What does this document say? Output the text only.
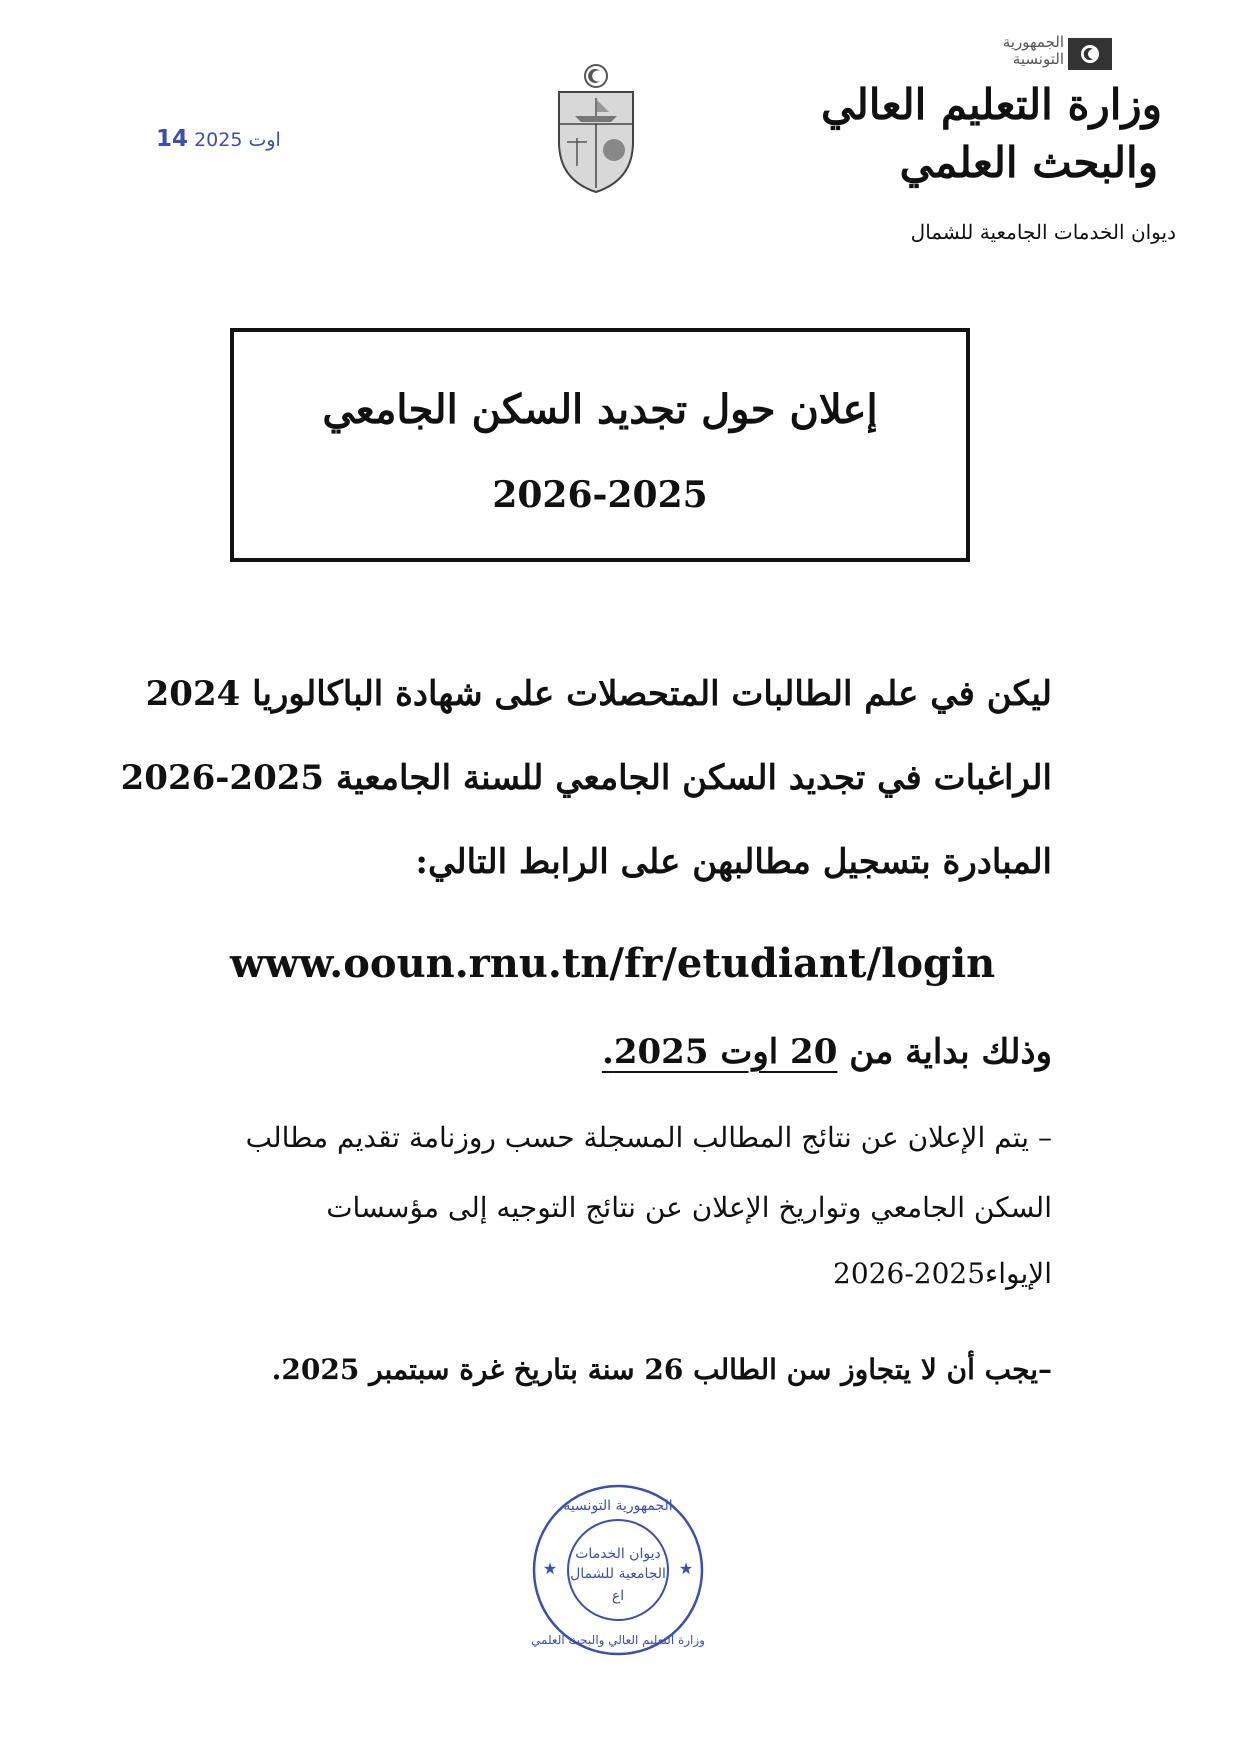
اوت 2025 14
الجمهورية
التونسية
وزارة التعليم العالي
والبحث العلمي
ديوان الخدمات الجامعية للشمال
إعلان حول تجديد السكن الجامعي
2026-2025
ليكن في علم الطالبات المتحصلات على شهادة الباكالوريا 2024
الراغبات في تجديد السكن الجامعي للسنة الجامعية 2025-2026
المبادرة بتسجيل مطالبهن على الرابط التالي:
www.ooun.rnu.tn/fr/etudiant/login
وذلك بداية من 20 اوت 2025.
– يتم الإعلان عن نتائج المطالب المسجلة حسب روزنامة تقديم مطالب
السكن الجامعي وتواريخ الإعلان عن نتائج التوجيه إلى مؤسسات
الإيواء2025-2026
–يجب أن لا يتجاوز سن الطالب 26 سنة بتاريخ غرة سبتمبر 2025.
الجمهورية التونسية
ديوان الخدمات
الجامعية للشمال
اع
وزارة التعليم العالي والبحث العلمي
★	★
